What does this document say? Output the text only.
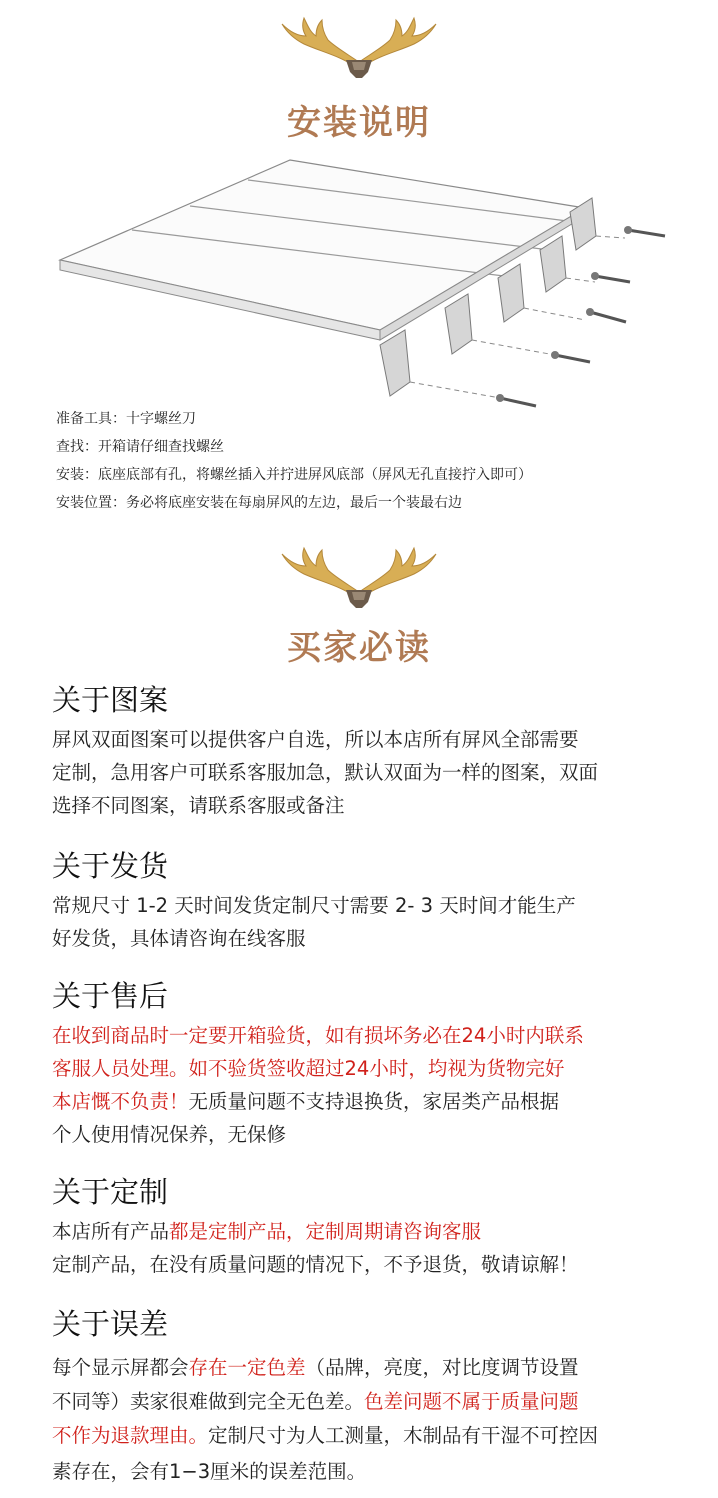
安装说明
准备工具：十字螺丝刀
查找：开箱请仔细查找螺丝
安装：底座底部有孔，将螺丝插入并拧进屏风底部（屏风无孔直接拧入即可）
安装位置：务必将底座安装在每扇屏风的左边，最后一个装最右边
买家必读
关于图案
屏风双面图案可以提供客户自选，所以本店所有屏风全部需要
定制，急用客户可联系客服加急，默认双面为一样的图案，双面
选择不同图案，请联系客服或备注
关于发货
常规尺寸 1-2 天时间发货定制尺寸需要 2- 3 天时间才能生产
好发货，具体请咨询在线客服
关于售后
在收到商品时一定要开箱验货，如有损坏务必在24小时内联系
客服人员处理。如不验货签收超过24小时，均视为货物完好
本店慨不负责！无质量问题不支持退换货，家居类产品根据
个人使用情况保养，无保修
关于定制
本店所有产品都是定制产品，定制周期请咨询客服
定制产品，在没有质量问题的情况下，不予退货，敬请谅解！
关于误差
每个显示屏都会存在一定色差（品牌，亮度，对比度调节设置
不同等）卖家很难做到完全无色差。色差问题不属于质量问题
不作为退款理由。定制尺寸为人工测量，木制品有干湿不可控因
素存在，会有1−3厘米的误差范围。
